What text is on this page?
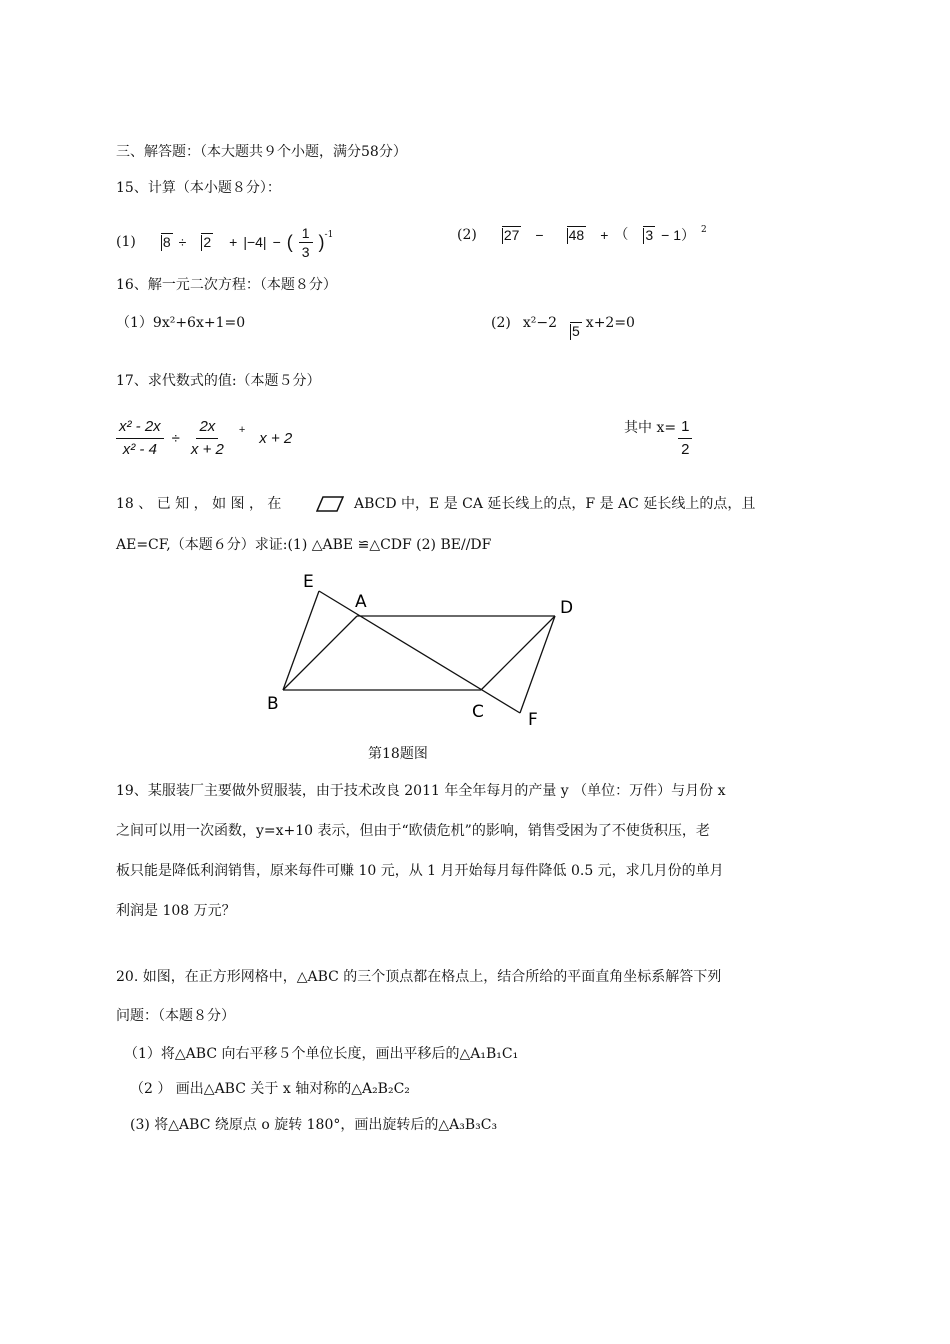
三、解答题：（本大题共９个小题，满分58分）
15、计算（本小题８分）：
(1)	8 ÷	2 + |−4| − ( $\frac{1}{3} )^{-1}$	(2)	27 −	48 + （	3 − 1） $^2$
16、解一元二次方程：（本题８分）
（1）9x²+6x+1=0	(2) x²−2	5 x+2=0
17、求代数式的值:（本题５分）
$\frac{\text{x² - 2x}}{\text{x² - 4}} \div \frac{2x}{x + 2} + x + 2$
其中 $x= \frac{1}{2}$
18 、 已 知 ， 如 图 ， 在	ABCD 中，E 是 CA 延长线上的点，F 是 AC 延长线上的点，且
AE=CF,（本题６分）求证:(1) △ABE ≌△CDF (2) BE//DF
E
A	D
B	C	F
第18题图
19、某服装厂主要做外贸服装，由于技术改良 2011 年全年每月的产量 y （单位：万件）与月份 x
之间可以用一次函数，y=x+10 表示，但由于“欧债危机”的影响，销售受困为了不使货积压，老
板只能是降低利润销售，原来每件可赚 10 元，从 1 月开始每月每件降低 0.5 元，求几月份的单月
利润是 108 万元？
20. 如图，在正方形网格中，△ABC 的三个顶点都在格点上，结合所给的平面直角坐标系解答下列
问题：（本题８分）
（1）将△ABC 向右平移５个单位长度，画出平移后的△A₁B₁C₁
（2 ） 画出△ABC 关于 x 轴对称的△A₂B₂C₂
(3) 将△ABC 绕原点 o 旋转 180°，画出旋转后的△A₃B₃C₃
